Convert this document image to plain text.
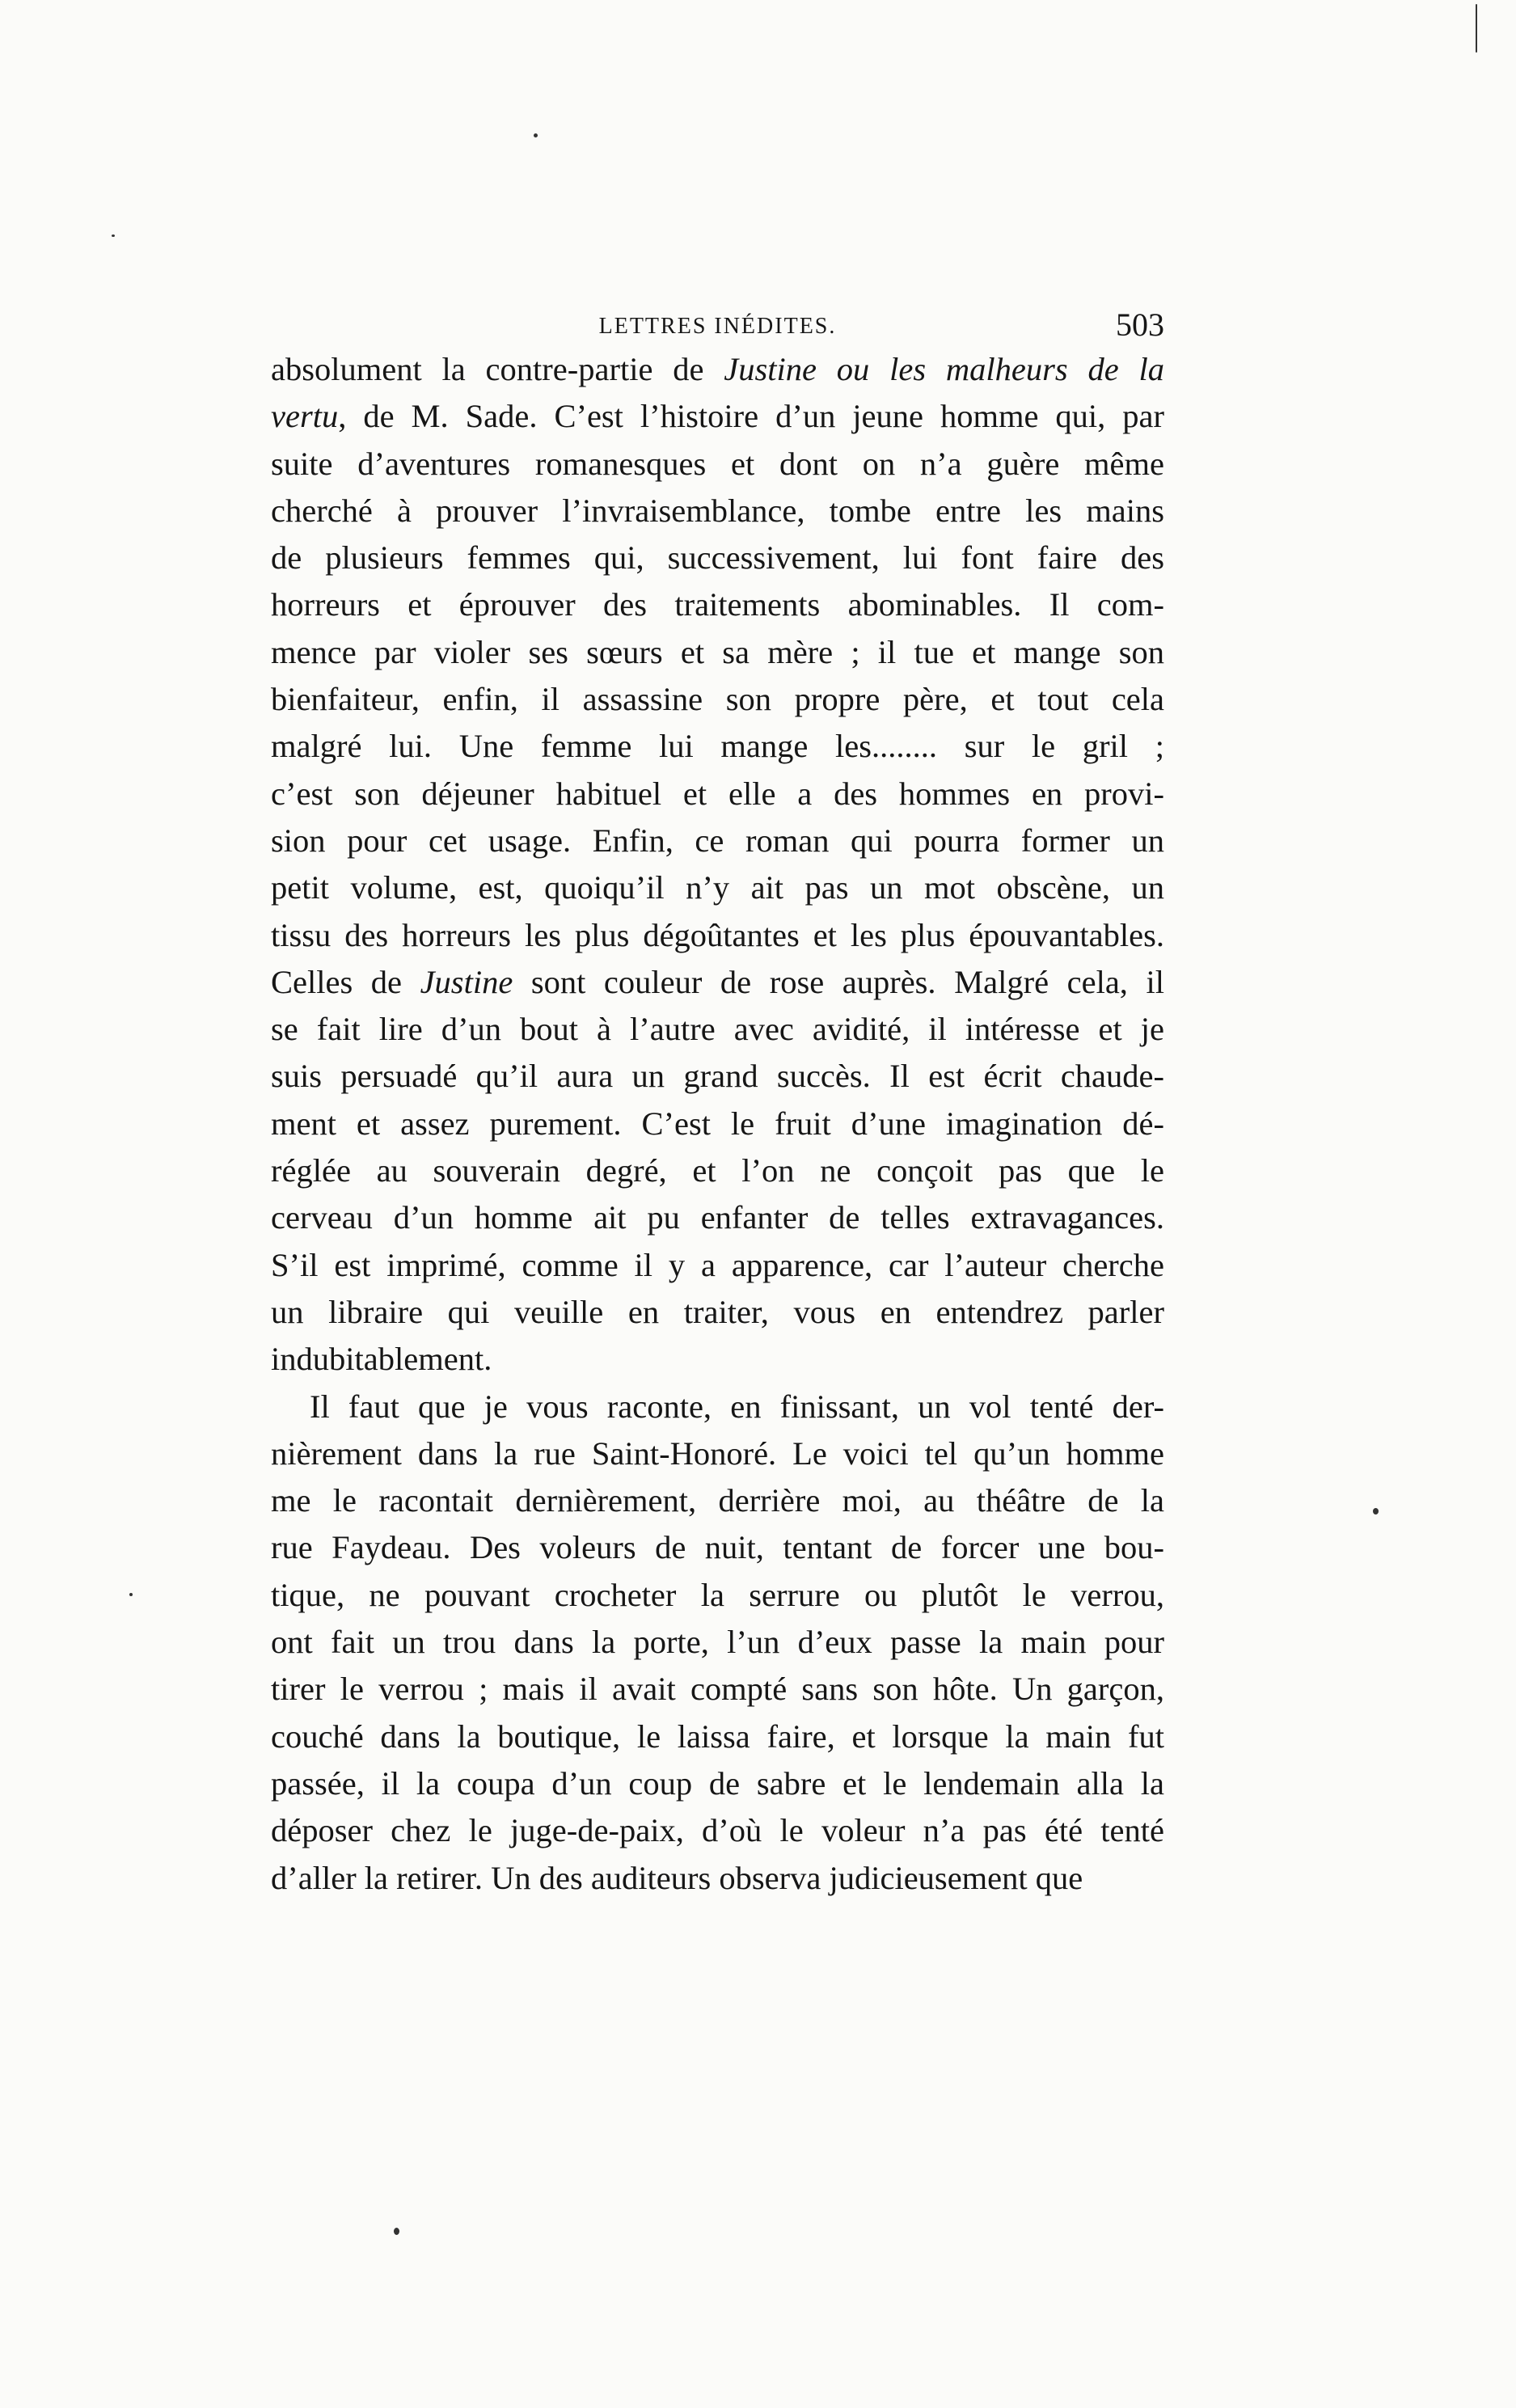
LETTRES INÉDITES.	503
absolument la contre-partie de Justine ou les malheurs de la
vertu, de M. Sade. C’est l’histoire d’un jeune homme qui, par
suite d’aventures romanesques et dont on n’a guère même
cherché à prouver l’invraisemblance, tombe entre les mains
de plusieurs femmes qui, successivement, lui font faire des
horreurs et éprouver des traitements abominables. Il com-
mence par violer ses sœurs et sa mère ; il tue et mange son
bienfaiteur, enfin, il assassine son propre père, et tout cela
malgré lui. Une femme lui mange les........ sur le gril ;
c’est son déjeuner habituel et elle a des hommes en provi-
sion pour cet usage. Enfin, ce roman qui pourra former un
petit volume, est, quoiqu’il n’y ait pas un mot obscène, un
tissu des horreurs les plus dégoûtantes et les plus épouvantables.
Celles de Justine sont couleur de rose auprès. Malgré cela, il
se fait lire d’un bout à l’autre avec avidité, il intéresse et je
suis persuadé qu’il aura un grand succès. Il est écrit chaude-
ment et assez purement. C’est le fruit d’une imagination dé-
réglée au souverain degré, et l’on ne conçoit pas que le
cerveau d’un homme ait pu enfanter de telles extravagances.
S’il est imprimé, comme il y a apparence, car l’auteur cherche
un libraire qui veuille en traiter, vous en entendrez parler
indubitablement.
Il faut que je vous raconte, en finissant, un vol tenté der-
nièrement dans la rue Saint-Honoré. Le voici tel qu’un homme
me le racontait dernièrement, derrière moi, au théâtre de la
rue Faydeau. Des voleurs de nuit, tentant de forcer une bou-
tique, ne pouvant crocheter la serrure ou plutôt le verrou,
ont fait un trou dans la porte, l’un d’eux passe la main pour
tirer le verrou ; mais il avait compté sans son hôte. Un garçon,
couché dans la boutique, le laissa faire, et lorsque la main fut
passée, il la coupa d’un coup de sabre et le lendemain alla la
déposer chez le juge-de-paix, d’où le voleur n’a pas été tenté
d’aller la retirer. Un des auditeurs observa judicieusement que
